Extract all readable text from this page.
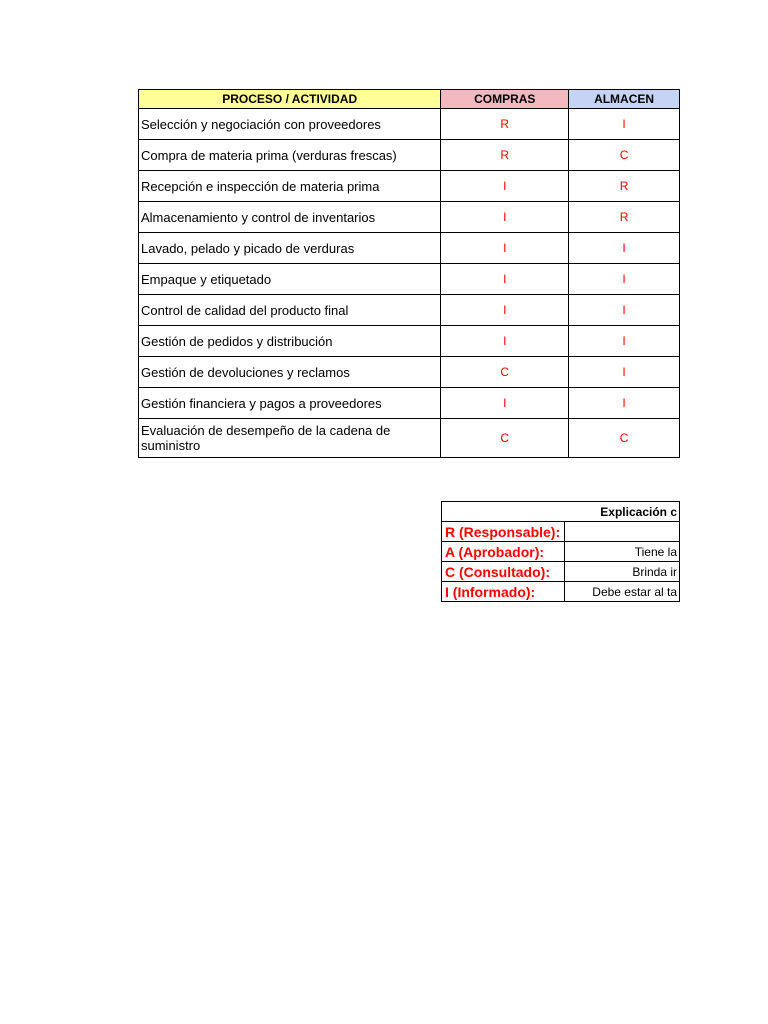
PROCESO / ACTIVIDAD	COMPRAS	ALMACEN
Selección y negociación con proveedores	R	I
Compra de materia prima (verduras frescas)	R	C
Recepción e inspección de materia prima	I	R
Almacenamiento y control de inventarios	I	R
Lavado, pelado y picado de verduras	I	I
Empaque y etiquetado	I	I
Control de calidad del producto final	I	I
Gestión de pedidos y distribución	I	I
Gestión de devoluciones y reclamos	C	I
Gestión financiera y pagos a proveedores	I	I
Evaluación de desempeño de la cadena de suministro	C	C
Explicación c	
R (Responsable):	
A (Aprobador):	Tiene la
C (Consultado):	Brinda ir
I (Informado):	Debe estar al ta
